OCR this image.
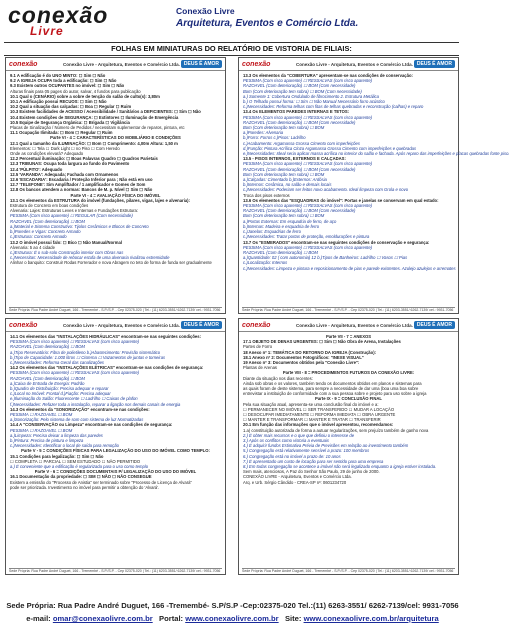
conexão
Livre
Conexão Livre
Arquitetura, Eventos e Comércio Ltda.
FOLHAS EM MINIATURAS DO RELATÓRIO DE VISTORIA DE FILIAIS:
conexão	Conexão Livre - Arquitetura, Eventos e Comércio Ltda. DEUS É AMOR
9.1 A edificação é do UNO MINTO: ☐ Sim ☐ Não
9.2 A IGREJA OCUPA toda a edificação: ☐ Sim ☐ Não
9.3 Existem outros OCUPANTES no imóvel: ☐ Sim ☐ Não
Alturas finais para 05 pages do autor, salvar, 4 fundos para publicação
10.1 Qual o (CENÁRIO) sobre a sobre de tenção do salão de culto(s): 3,80m
10.1 A edificação possui RECUOS: ☐ Sim ☐ Não
10.2 Qual a situação das calçadas: ☐ Boa ☐ Regular ☐ Ruim
10.3 Existem facilidades de ACESSO / Acessibilidade / Sanitários a DEFICIENTES: ☐ Sim ☐ Não
10.4 Existem condições de SEGURANÇA: ☐ Extintores ☐ Iluminação de Emergência
10.5 Equipe de Segurança Orgânica: ☐ Brigada ☐ Vigilância
Placas de Sinalização / Número de Pedidos / necessitam suplementar de reparos, pintura, etc
11.1 Ocupação Ilimitada: ☐ Bom ☐ Regular ☐ Ruim
Parte VI - 4 = CARACTERÍSTICAS DO MOBILIÁRIO E CONDIÇÕES
12.1 Qual a tamanho da ILUMINAÇÃO: ☐ Bom ☐ Comprimento: 4,00m Altura: 1,50 m
Elementos: ☐ Tela ☐ Dark Light ☐ no Piso ☐ Com Heredo
Onde as condições elevará? Adequado
12.2 Percentual iluminação: ☐ Boas Palavras Quadro ☐ Quadros Parietais
12.3 TRIBUNAS: Ocupa toda largura ao fundo do Pavimento
12.4 'PÚLPITO': Adequado
12.5 'VARANDA': Adequada; Fachada com Ornamenos
12.6 'ESCADARIA': Escadaria / Proteção Inferior para ; Não está em uso
12.7 'TELEFONE': Sim Ampliftador / 1 amplificador e Gomes de Som
12.8 Os bancos atendem a normas: Bancos de M. p. Nível ☐ Sim ☐ Não
Parte VI - 4 = AVALIAÇÃO FÍSICA DO IMÓVEL
13.1 Os elementos da ESTRUTURA do imóvel (fundações, pilares, vigas, lajes e alvenaria):
Estrutura de Concreto em boas condições
Alvenaria: Lajes: Estruturas Leves e Internas e Fundações Estrutura:
PESSIMA (Com risco aparente) ☐ REGULAR (Com necessidade)
RAZOAVEL (Com deterioração) ☐ BOM
a.)Material e Sistema Construtivo: Tijolos Cerâmicos e Blocos de Concreto
b.)Paredes e Vigas: Concreto Armado
c.)Estrutura: Concreto Armado
13.2 O imóvel possui falo: ☐ Bico ☐ Não Manual/Normal
Alvenaria: 5 ao 4 cidade
c.)Estrutura: É o sub-solo Construção interior com Obras nas
c.)Necessitas: Necessidade de rebocar estufa de uma alvenaria rivalizou extremidade
Alinhar o banquito: Construir Rodas Forrerador e nova Abragem no teto de forma de funda ser gradualmente
Sede Própria: Rua Padre André Duguet, 166 - Tremembé - S.P./S.P. - Cep 02375-020 | Tel.: (11) 6203-3551/ 6262-7139/ cel.: 9931-7056
conexão	Conexão Livre - Arquitetura, Eventos e Comércio Ltda. DEUS É AMOR
13.3 Os elementos da "COBERTURA" apresentam-se nas condições de conservação:
PESSIMA (Com risco aparente) ☐ RESSALVAS (com risco aparente)
RAZOAVEL (Com deterioração) ☐ BOM (Com necessidade)
Bom (Com deterioração tem sobra) ☐ BOM (Com necessidade)
a.) Somente 1: Cobertura Ondulado de fibrocimento 2. Estrutura Metálica
b.) O Telhado possui forma: ☐ Sim ☐ Não Manual Necessário forro acústico
c.)Necessidades: Reforma telhas com fitas de telhas quebradas e reconstrução (calhas) e reparo
13.4 Os ELEMENTOS PAREDES INTERNAS E TETOS:
PESSIMA (Com risco aparente) ☐ RESSALVAS (com risco aparente)
RAZOAVEL (Com deterioração) ☐ BOM (Com necessidade)
Bom (Com deterioração tem sobra) ☐ BOM
a.)Paredes: Alvenaria
b.)Forro: Forros c.)Pisos: Ladrilho
c.)Acabamento: Argamassa Grossa Cimento com imperfeições
d.)Função: Pintura Acrílica Cinza Argamassa Grossa Cimento com imperfeições e quebradas
e.)Necessidades: Ideal seria aplicar massa acrílica no interior do salão e fachada. Após reparo das imperfeições e placas quebradas fonte piso.
13.5 - PISOS INTERNOS, EXTERNOS E CALÇADAS:
PESSIMA (Com risco aparente) ☐ RESSALVAS (com risco aparente)
RAZOAVEL (Com deterioração) ☐ BOM (Com necessidade)
Bom (Com deterioração tem sobra) ☐ BOM
a.)Calçadas: Cimentado b.)Externos: Ardósia
b.)Internos: Cerâmica, no salão e demais locais
c.)Necessidades: Poderiam ser feitos novo acabamento. Ideal limpeza com Grola e novo
Troca dos pisos externos
13.6 Os elementos das "ESQUADRIAS do imóvel": Portas e janelas se conservam em qual estado:
PESSIMA (Com risco aparente) ☐ RESSALVAS (com risco aparente)
RAZOAVEL (Com deterioração) ☐ BOM (Com necessidade)
Bom (Com deterioração tem sobra) ☐ BOM
a.)Portas Externas: Em esquadria de ferro, de aço
b.)Internas: Madeira e esquadria de ferro
c.)Janelas: Esquadrias de ferro
c.)Necessidades: Tratar portas de proteção, emoldurações e pintura
13.7 Os "ESMERADOS" encontram-se nas seguintes condições de conservação e segurança:
PESSIMA (Com risco aparente) ☐ RESSALVAS (com risco aparente)
RAZOAVEL (Com deterioração) ☐ BOM
a.)Quantidade: 02 ( com autonomia) 12 b.)Tipos de Banheiros: Ladrilho ☐ Vasos ☐ Pias
c.)Localização: Internos
c.)Necessidades: Limpeza e pintura e reposicionamento de pias e parede existentes. Azulejo azulejos e arremates
Sede Própria: Rua Padre André Duguet, 166 - Tremembé - S.P./S.P. - Cep 02375-020 | Tel.: (11) 6203-3551/ 6262-7139/ cel.: 9931-7056
conexão	Conexão Livre - Arquitetura, Eventos e Comércio Ltda. DEUS É AMOR
14.1 Os elementos das "INSTALAÇÕES HIDRÁULICAS" encontram-se nas seguintes condições:
PESSIMA (Com risco aparente) ☐ RESSALVAS (com risco aparente)
RAZOAVEL (Com deterioração) ☐ BOM
a.)Tipo Reservatório: Fibra de polietileno b.)Abastecimento: Provisão sistemático
b.)Tipo de Capacidade: 1.000 litros ☐ Cisterna ☐ Vazamentos de juntas e torneiras
c.)Necessidades: Reforma Geral das canalizações
14.2 Os elementos das "INSTALAÇÕES ELÉTRICAS" encontram-se nas condições de segurança:
PESSIMA (Com risco aparente) ☐ RESSALVAS (com risco aparente)
RAZOAVEL (Com deterioração) ☐ BOM
a.)Caixa de Entrada de Energia: Padrão
b.)Quadro de Distribuição: Precisa adequar e reparar
c.)Local no Imóvel: Frontal d.)Fiação: Precisa adequar
e.)Iluminação do Salão: Fluorescente ☐ Ladrilho ☐ Caixas de plafon
f.)Necessidades: Refazer toda a instalação, reparar a ligação nos demais canais de energia
14.3 Os elementos da "SONORIZAÇÃO" encontram-se nas condições:
PESSIMA ☐ RAZOAVEL ☐ BOM
a.)Sonorização: Pelo sistema de som com sistema de luz Normatizadas
14.4 A "CONSERVAÇÃO ou Limpeza" encontram-se nas condições de segurança:
PESSIMA ☐ RAZOAVEL ☐ BOM
a.)Limpeza: Precisa deixar a limpeza das paredes
b.)Pintura: Precisa de pintura e limpeza
c.)Necessidades: Identificar o local de saída para remoção
Parte V - 5 = CONDIÇÕES FÍSICAS PARA LEGALIZAÇÃO DO USO DO IMÓVEL COMO TEMPLO:
15.1 Condições para legalização: ☐ Sim ☐ Não
☐ COMPLETA ☐ PARCIAL ☐ SEM ESTUDADO ☐ NÃO PERMITIDO
a.) É conveniente que a edificação é regularizada para o uso como templo
Parte V - 6 = CONDIÇÕES DOCUMENTAIS P/ LEGALIZAÇÃO DO USO DO IMÓVEL
16.1 Documentação da propriedade: ☐ SIM ☐ NÃO ☐ NÃO CONSEGUE
Existem a emissão do "Processo de Anistia" ser terminado sobre "Processo de Licença de Alvará"
pode ser priorizada. Investimento no imóvel para permitir a obtenção do 'Alvará'.
Sede Própria: Rua Padre André Duguet, 166 - Tremembé - S.P./S.P. - Cep 02375-020 | Tel.: (11) 6203-3551/ 6262-7139/ cel.: 9931-7056
conexão	Conexão Livre - Arquitetura, Eventos e Comércio Ltda. DEUS É AMOR
Parte VII - 7 = ANEXOS
17.1 OBJETO DE DENAS URGENTES: ☐ Sim ☐ Não Obra de Arena, Instalações
Partes de Forro
18 Anexo nº 1: TEMÁTICA DO RETORNO DA IGREJA (Construção):
18.1 Anexo nº 2: Documentos Fotográficos: "INEXE VISUAL"
19 Anexo nº 3: Documentos obtidos pela "Conexão Livre":
Plantas de Arenas
Parte VIII - 8 = PROCEDIMENTOS FUTUROS DA CONEXÃO LIVRE:
Diante da situação nos dias recentes:
Ainda sob obras e os valores, também tendo os documentos obtidos em planos e sistemas para
as quais foram de deste sistema, para sempre a necessidade de dar uma (boa uma boa sobre
entrevistar a instituição de conformidade com a sua pessoa sobre e projeto para uso sobre a igreja
Parte IX - 9 = CONCLUSÃO FINAL
Pela sua situação atual, apresenta-se uma conclusão final do imóvel e a:
☐ PERMANECER NO IMÓVEL ☐ SER TRANSFERIDO ☐ MUDAR A LOCAÇÃO
☐ DESOCUPAR IMEDIATAMENTE ☐ REFORMA IMEDIATA ☐ OBRA URGENTE
☐ MANTER E TRANSFORMAR ☐ MANTER E TRATAR ☐ TRANSFERIR
20.1 Em função das informações que o imóvel apresentou, recomendamos:
1.a) constituição autorizada de forma a autuar regularizações, sem prejuízo também de ganho nova
2.) É obter mais recursos e o que que definiu o interesse de
3.) Após os conflitos como vistoria a eventuais
4.) É adquirir fundos Estimativa Prévia de Previsões em relação ao investimento também
5.) Congregação está relativamente sensível a prazo: 100 membros
6.) Congregação está no imóvel a prazo de: 10 anos
7.) É apresentado um custo de locação para ser sentido para uma empresa
8.) Em todas congregação se acontece a imóvel não será legalizado enquanto a igreja estiver instalada.
Sem mais, atenciosos, A Paz do Senhor São Paulo, 29 de junho de 2000.
CONEXÃO LIVRE - Arquitetura, Eventos e Comércio Ltda.
Arq. e Urb. Sérgio Cândido - CREA-SP nº: 0601234720
Sede Própria: Rua Padre André Duguet, 166 - Tremembé - S.P./S.P. - Cep 02375-020 | Tel.: (11) 6203-3551/ 6262-7139/ cel.: 9931-7056
Sede Própria: Rua Padre André Duguet, 166 -Tremembé- S.P/S.P -Cep:02375-020 Tel.:(11) 6263-3551/ 6262-7139/cel: 9931-7056
e-mail: omar@conexaolivre.com.br Portal: www.conexaolivre.com.br Site: www.conexaolivre.com.br/arquitetura
